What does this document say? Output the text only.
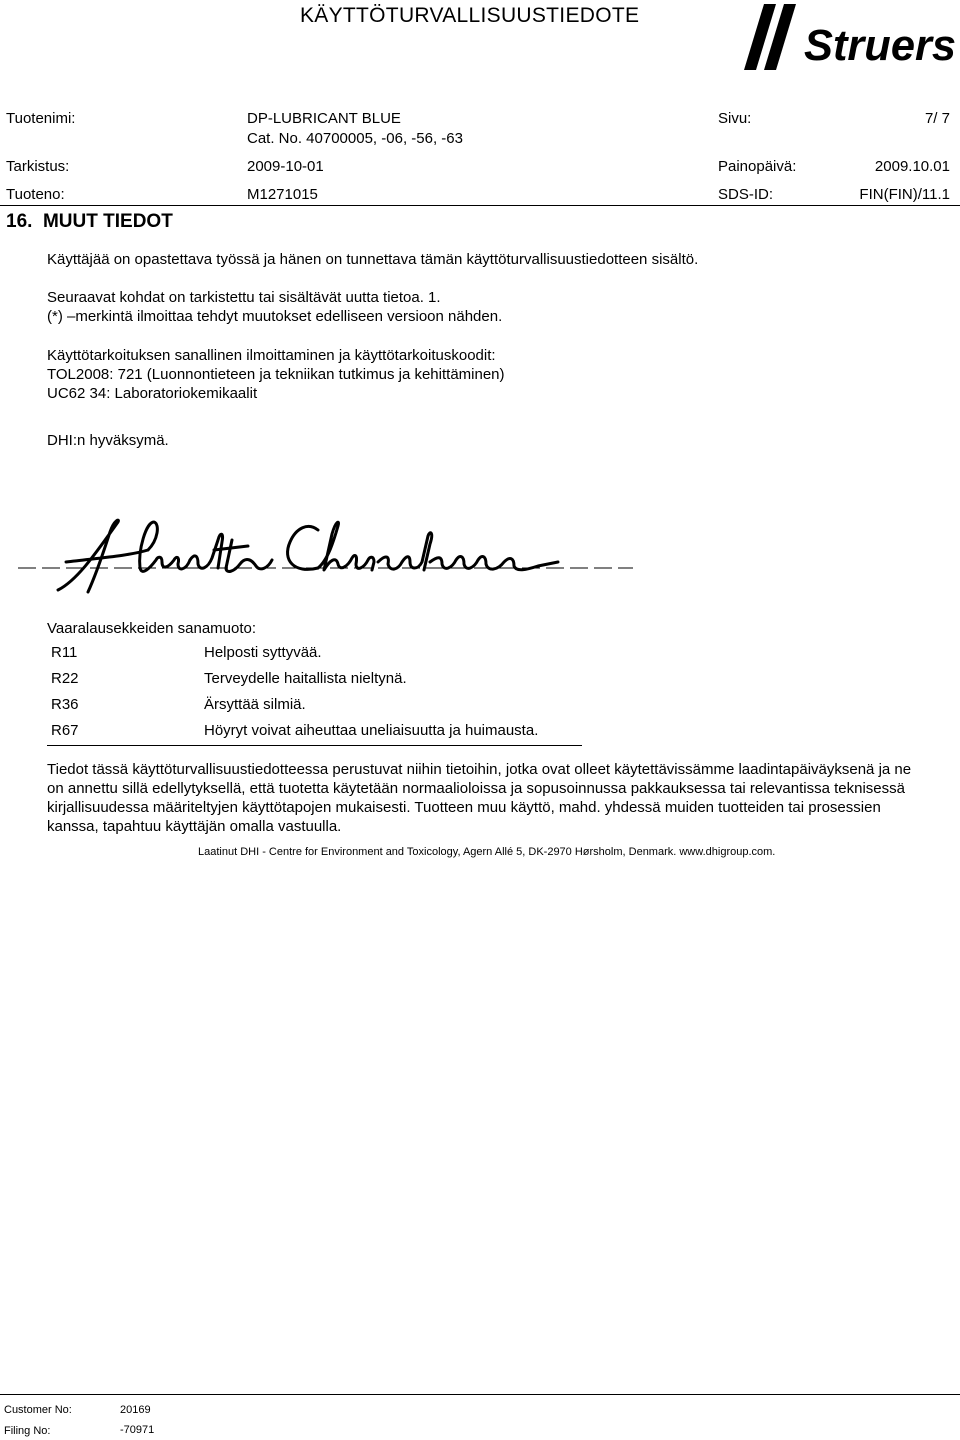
KÄYTTÖTURVALLISUUSTIEDOTE
Struers
Tuotenimi:	DP-LUBRICANT BLUE	Sivu:	7/ 7
Cat. No. 40700005, -06, -56, -63
Tarkistus:	2009-10-01	Painopäivä:	2009.10.01
Tuoteno:	M1271015	SDS-ID:	FIN(FIN)/11.1
16. MUUT TIEDOT
Käyttäjää on opastettava työssä ja hänen on tunnettava tämän käyttöturvallisuustiedotteen sisältö.
Seuraavat kohdat on tarkistettu tai sisältävät uutta tietoa. 1.
(*) –merkintä ilmoittaa tehdyt muutokset edelliseen versioon nähden.
Käyttötarkoituksen sanallinen ilmoittaminen ja käyttötarkoituskoodit:
TOL2008: 721 (Luonnontieteen ja tekniikan tutkimus ja kehittäminen)
UC62 34: Laboratoriokemikaalit
DHI:n hyväksymä.
Vaaralausekkeiden sanamuoto:
R11	Helposti syttyvää.
R22	Terveydelle haitallista nieltynä.
R36	Ärsyttää silmiä.
R67	Höyryt voivat aiheuttaa uneliaisuutta ja huimausta.
Tiedot tässä käyttöturvallisuustiedotteessa perustuvat niihin tietoihin, jotka ovat olleet käytettävissämme laadintapäiväyksenä ja ne on annettu sillä edellytyksellä, että tuotetta käytetään normaalioloissa ja sopusoinnussa pakkauksessa tai relevantissa teknisessä kirjallisuudessa määriteltyjen käyttötapojen mukaisesti. Tuotteen muu käyttö, mahd. yhdessä muiden tuotteiden tai prosessien kanssa, tapahtuu käyttäjän omalla vastuulla.
Laatinut DHI - Centre for Environment and Toxicology, Agern Allé 5, DK-2970 Hørsholm, Denmark. www.dhigroup.com.
Customer No:	20169
Filing No:	-70971
